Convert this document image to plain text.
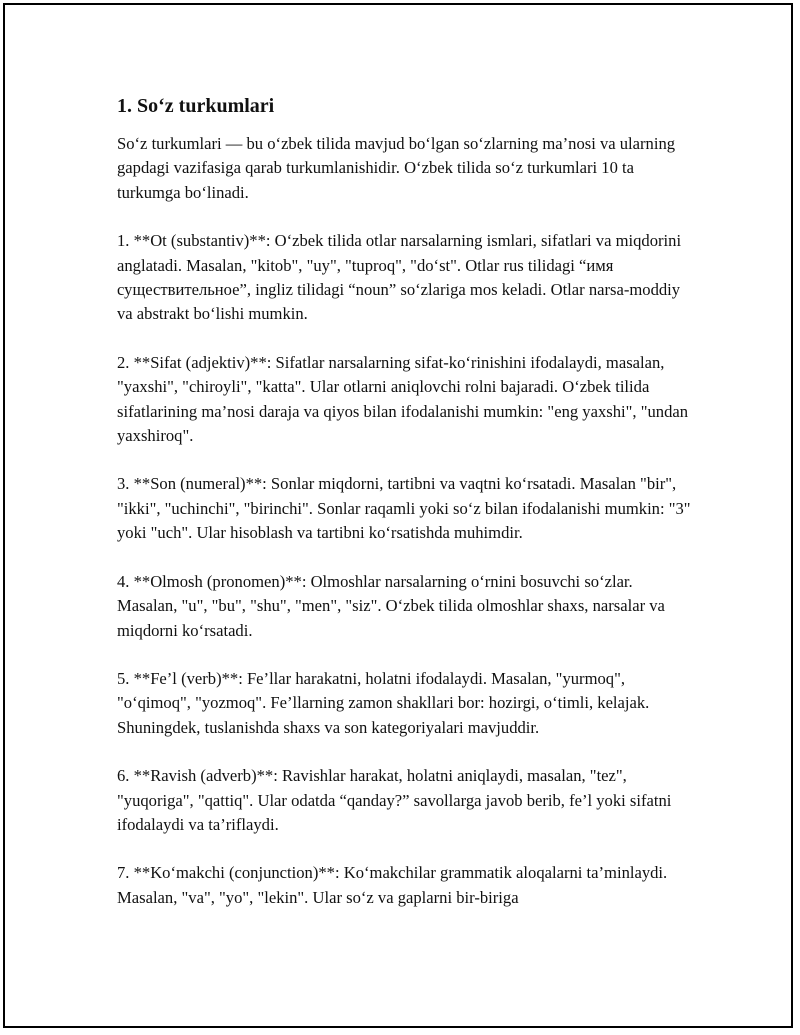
1. So‘z turkumlari

So‘z turkumlari — bu o‘zbek tilida mavjud bo‘lgan so‘zlarning ma’nosi va ularning gapdagi vazifasiga qarab turkumlanishidir. O‘zbek tilida so‘z turkumlari 10 ta turkumga bo‘linadi.

1. **Ot (substantiv)**: O‘zbek tilida otlar narsalarning ismlari, sifatlari va miqdorini anglatadi. Masalan, "kitob", "uy", "tuproq", "do‘st". Otlar rus tilidagi “имя существительное”, ingliz tilidagi “noun” so‘zlariga mos keladi. Otlar narsa-moddiy va abstrakt bo‘lishi mumkin.

2. **Sifat (adjektiv)**: Sifatlar narsalarning sifat-ko‘rinishini ifodalaydi, masalan, "yaxshi", "chiroyli", "katta". Ular otlarni aniqlovchi rolni bajaradi. O‘zbek tilida sifatlarining ma’nosi daraja va qiyos bilan ifodalanishi mumkin: "eng yaxshi", "undan yaxshiroq".

3. **Son (numeral)**: Sonlar miqdorni, tartibni va vaqtni ko‘rsatadi. Masalan "bir", "ikki", "uchinchi", "birinchi". Sonlar raqamli yoki so‘z bilan ifodalanishi mumkin: "3" yoki "uch". Ular hisoblash va tartibni ko‘rsatishda muhimdir.

4. **Olmosh (pronomen)**: Olmoshlar narsalarning o‘rnini bosuvchi so‘zlar. Masalan, "u", "bu", "shu", "men", "siz". O‘zbek tilida olmoshlar shaxs, narsalar va miqdorni ko‘rsatadi.

5. **Fe’l (verb)**: Fe’llar harakatni, holatni ifodalaydi. Masalan, "yurmoq", "o‘qimoq", "yozmoq". Fe’llarning zamon shakllari bor: hozirgi, o‘timli, kelajak. Shuningdek, tuslanishda shaxs va son kategoriyalari mavjuddir.

6. **Ravish (adverb)**: Ravishlar harakat, holatni aniqlaydi, masalan, "tez", "yuqoriga", "qattiq". Ular odatda “qanday?” savollarga javob berib, fe’l yoki sifatni ifodalaydi va ta’riflaydi.

7. **Ko‘makchi (conjunction)**: Ko‘makchilar grammatik aloqalarni ta’minlaydi. Masalan, "va", "yo", "lekin". Ular so‘z va gaplarni bir-biriga
